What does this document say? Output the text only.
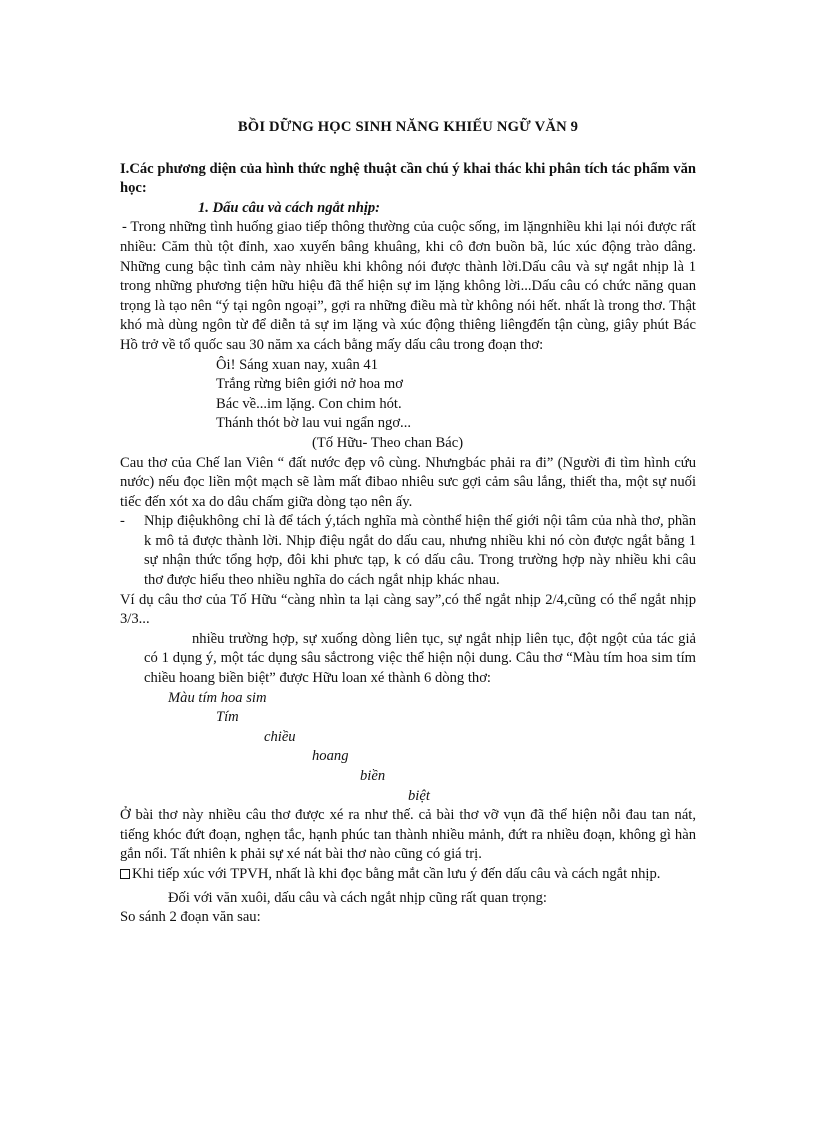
BỒI DỮNG HỌC SINH NĂNG KHIẾU NGỮ VĂN 9

I.Các phương diện của hình thức nghệ thuật cần chú ý khai thác khi phân tích tác phẩm văn học:

1. Dấu câu và cách ngắt nhịp:

- Trong những tình huống giao tiếp thông thường của cuộc sống, im lặngnhiều khi lại nói được rất nhiều: Căm thù tột đỉnh, xao xuyến bâng khuâng, khi cô đơn buồn bã, lúc xúc động trào dâng. Những cung bậc tình cảm này nhiều khi không nói được thành lời.Dấu câu và sự ngắt nhịp là 1 trong những phương tiện hữu hiệu đã thể hiện sự im lặng không lời...Dấu câu có chức năng quan trọng là tạo nên “ý tại ngôn ngoại”, gợi ra những điều mà từ không nói hết. nhất là trong thơ. Thật khó mà dùng ngôn từ để diễn tả sự im lặng và xúc động thiêng liêngđến tận cùng, giây phút Bác Hồ trở về tổ quốc sau 30 năm xa cách bằng mấy dấu câu trong đoạn thơ:

Ôi! Sáng xuan nay, xuân 41
Trắng rừng biên giới nở hoa mơ
Bác về...im lặng. Con chim hót.
Thánh thót bờ lau vui ngẩn ngơ...
(Tố Hữu- Theo chan Bác)

Cau thơ của Chế lan Viên “ đất nước đẹp vô cùng. Nhưngbác phải ra đi” (Người đi tìm hình cứu nước) nếu đọc liền một mạch sẽ làm mất đibao nhiêu sưc gợi cảm sâu lắng, thiết tha, một sự nuối tiếc đến xót xa do dâu chấm giữa dòng tạo nên ấy.

- Nhịp điệukhông chỉ là để tách ý,tách nghĩa mà cònthể hiện thế giới nội tâm của nhà thơ, phần k mô tả được thành lời. Nhịp điệu ngắt do dấu cau, nhưng nhiều khi nó còn được ngắt bằng 1 sự nhận thức tổng hợp, đôi khi phưc tạp, k có dấu câu. Trong trường hợp này nhiều khi câu thơ được hiểu theo nhiều nghĩa do cách ngắt nhịp khác nhau.

Ví dụ câu thơ của Tố Hữu “càng nhìn ta lại càng say”,có thể ngắt nhịp 2/4,cũng có thể ngắt nhịp 3/3...

nhiều trường hợp, sự xuống dòng liên tục, sự ngắt nhịp liên tục, đột ngột của tác giả có 1 dụng ý, một tác dụng sâu sắctrong việc thể hiện nội dung. Câu thơ “Màu tím hoa sim tím chiều hoang biền biệt” được Hữu loan xé thành 6 dòng thơ:

Màu tím hoa sim
Tím
chiều
hoang
biền
biệt

Ở bài thơ này nhiều câu thơ được xé ra như thế. cả bài thơ vỡ vụn đã thể hiện nỗi đau tan nát, tiếng khóc đứt đoạn, nghẹn tắc, hạnh phúc tan thành nhiều mảnh, đứt ra nhiều đoạn, không gì hàn gắn nổi. Tất nhiên k phải sự xé nát bài thơ nào cũng có giá trị.

Khi tiếp xúc với TPVH, nhất là khi đọc bằng mắt cần lưu ý đến dấu câu và cách ngắt nhịp.

Đối với văn xuôi, dấu câu và cách ngắt nhịp cũng rất quan trọng:

So sánh 2 đoạn văn sau:
